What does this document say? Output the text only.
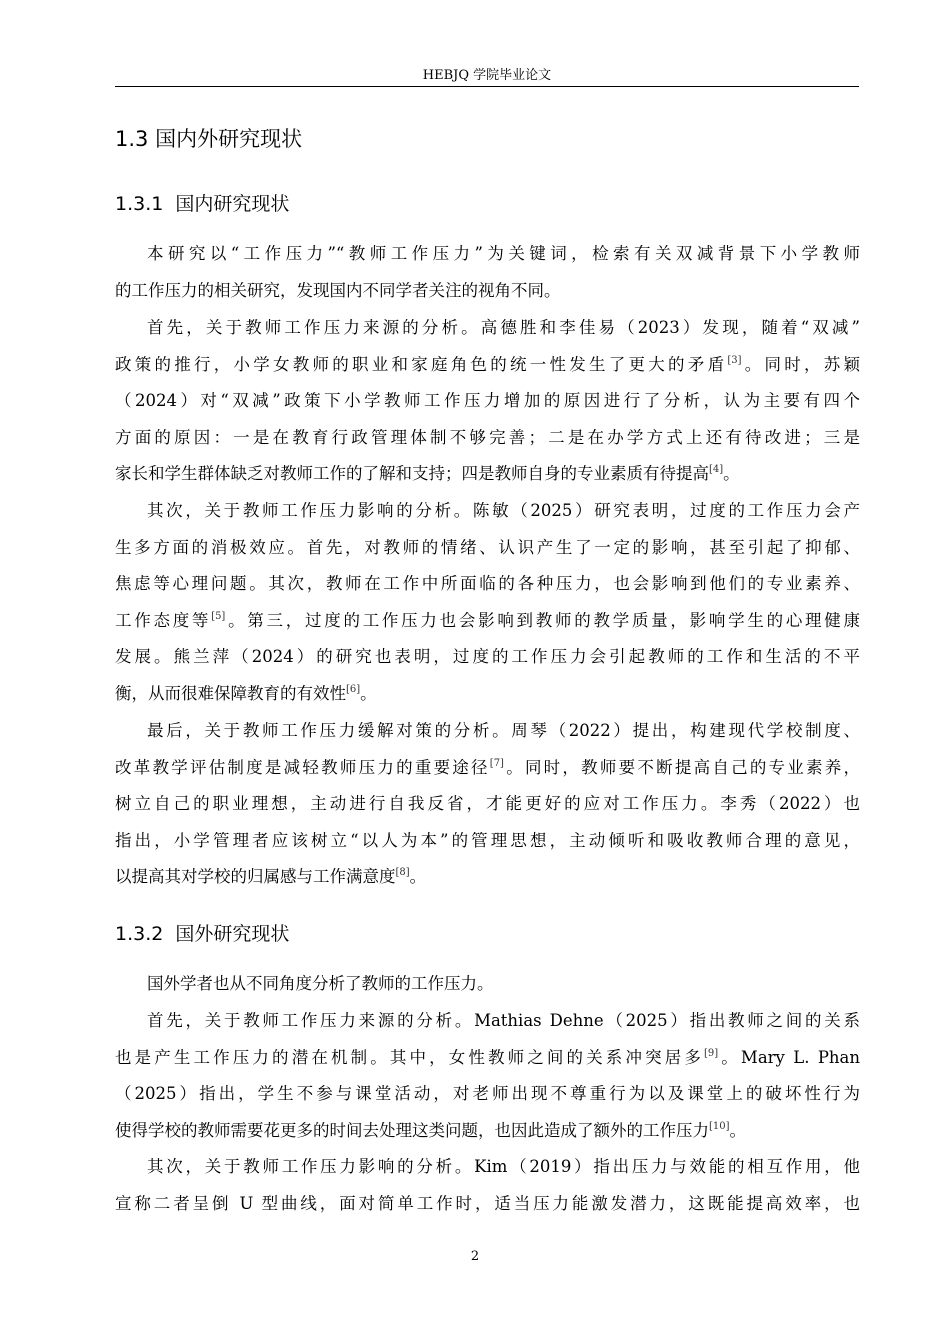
HEBJQ 学院毕业论文
1.3 国内外研究现状
1.3.1  国内研究现状
本研究以“工作压力”“教师工作压力”为关键词，检索有关双减背景下小学教师
的工作压力的相关研究，发现国内不同学者关注的视角不同。
首先，关于教师工作压力来源的分析。高德胜和李佳易（2023）发现，随着“双减”
政策的推行，小学女教师的职业和家庭角色的统一性发生了更大的矛盾[3]。同时，苏颖
（2024）对“双减”政策下小学教师工作压力增加的原因进行了分析，认为主要有四个
方面的原因：一是在教育行政管理体制不够完善；二是在办学方式上还有待改进；三是
家长和学生群体缺乏对教师工作的了解和支持；四是教师自身的专业素质有待提高[4]。
其次，关于教师工作压力影响的分析。陈敏（2025）研究表明，过度的工作压力会产
生多方面的消极效应。首先，对教师的情绪、认识产生了一定的影响，甚至引起了抑郁、
焦虑等心理问题。其次，教师在工作中所面临的各种压力，也会影响到他们的专业素养、
工作态度等[5]。第三，过度的工作压力也会影响到教师的教学质量，影响学生的心理健康
发展。熊兰萍（2024）的研究也表明，过度的工作压力会引起教师的工作和生活的不平
衡，从而很难保障教育的有效性[6]。
最后，关于教师工作压力缓解对策的分析。周琴（2022）提出，构建现代学校制度、
改革教学评估制度是减轻教师压力的重要途径[7]。同时，教师要不断提高自己的专业素养，
树立自己的职业理想，主动进行自我反省，才能更好的应对工作压力。李秀（2022）也
指出，小学管理者应该树立“以人为本”的管理思想，主动倾听和吸收教师合理的意见，
以提高其对学校的归属感与工作满意度[8]。
1.3.2  国外研究现状
国外学者也从不同角度分析了教师的工作压力。
首先，关于教师工作压力来源的分析。Mathias Dehne（2025）指出教师之间的关系
也是产生工作压力的潜在机制。其中，女性教师之间的关系冲突居多[9]。Mary L. Phan
（2025）指出，学生不参与课堂活动，对老师出现不尊重行为以及课堂上的破坏性行为
使得学校的教师需要花更多的时间去处理这类问题，也因此造成了额外的工作压力[10]。
其次，关于教师工作压力影响的分析。Kim（2019）指出压力与效能的相互作用，他
宣称二者呈倒 U 型曲线，面对简单工作时，适当压力能激发潜力，这既能提高效率，也
2
